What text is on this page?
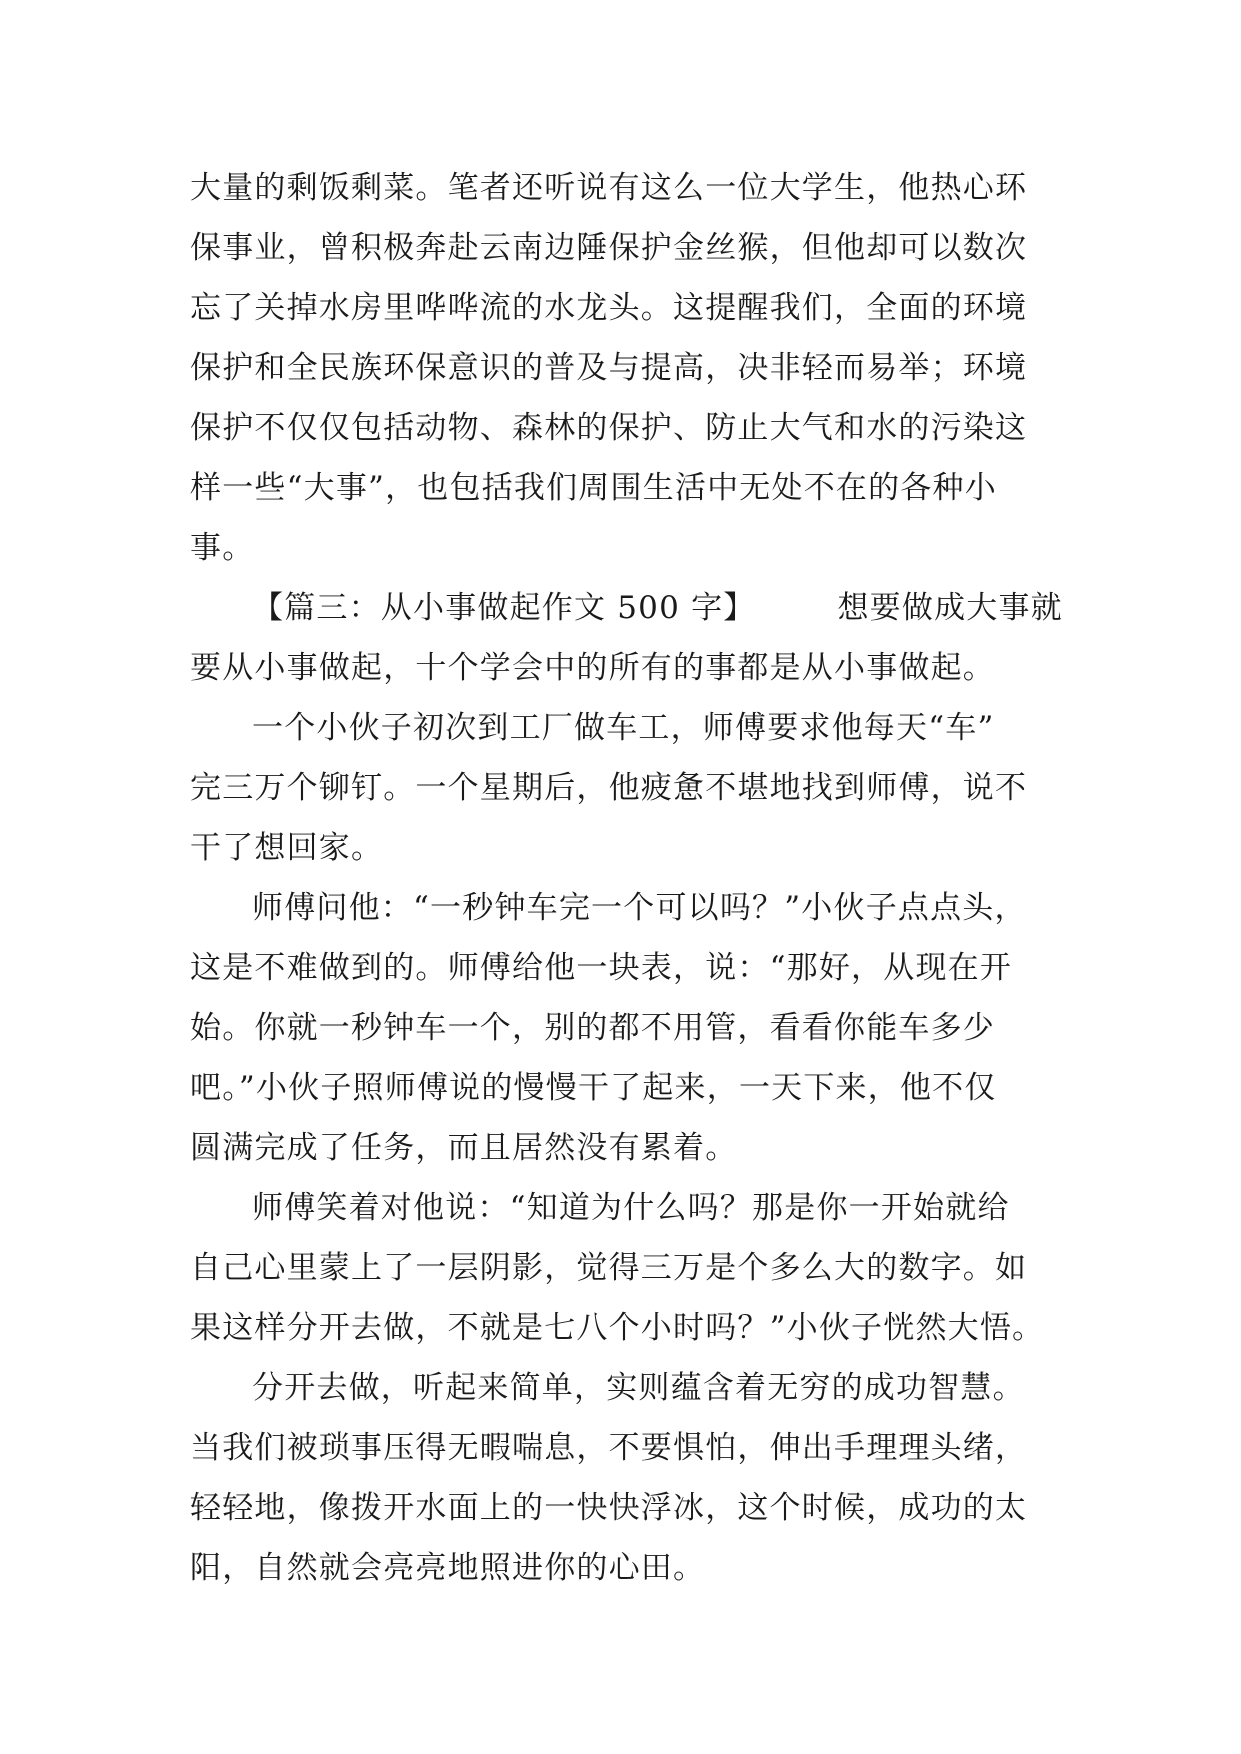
大量的剩饭剩菜。笔者还听说有这么一位大学生，他热心环
保事业，曾积极奔赴云南边陲保护金丝猴，但他却可以数次
忘了关掉水房里哗哗流的水龙头。这提醒我们，全面的环境
保护和全民族环保意识的普及与提高，决非轻而易举；环境
保护不仅仅包括动物、森林的保护、防止大气和水的污染这
样一些“大事”，也包括我们周围生活中无处不在的各种小
事。
【篇三：从小事做起作文 500 字】	想要做成大事就
要从小事做起，十个学会中的所有的事都是从小事做起。
一个小伙子初次到工厂做车工，师傅要求他每天“车”
完三万个铆钉。一个星期后，他疲惫不堪地找到师傅，说不
干了想回家。
师傅问他：“一秒钟车完一个可以吗？”小伙子点点头，
这是不难做到的。师傅给他一块表，说：“那好，从现在开
始。你就一秒钟车一个，别的都不用管，看看你能车多少
吧。”小伙子照师傅说的慢慢干了起来，一天下来，他不仅
圆满完成了任务，而且居然没有累着。
师傅笑着对他说：“知道为什么吗？那是你一开始就给
自己心里蒙上了一层阴影，觉得三万是个多么大的数字。如
果这样分开去做，不就是七八个小时吗？”小伙子恍然大悟。
分开去做，听起来简单，实则蕴含着无穷的成功智慧。
当我们被琐事压得无暇喘息，不要惧怕，伸出手理理头绪，
轻轻地，像拨开水面上的一快快浮冰，这个时候，成功的太
阳，自然就会亮亮地照进你的心田。
